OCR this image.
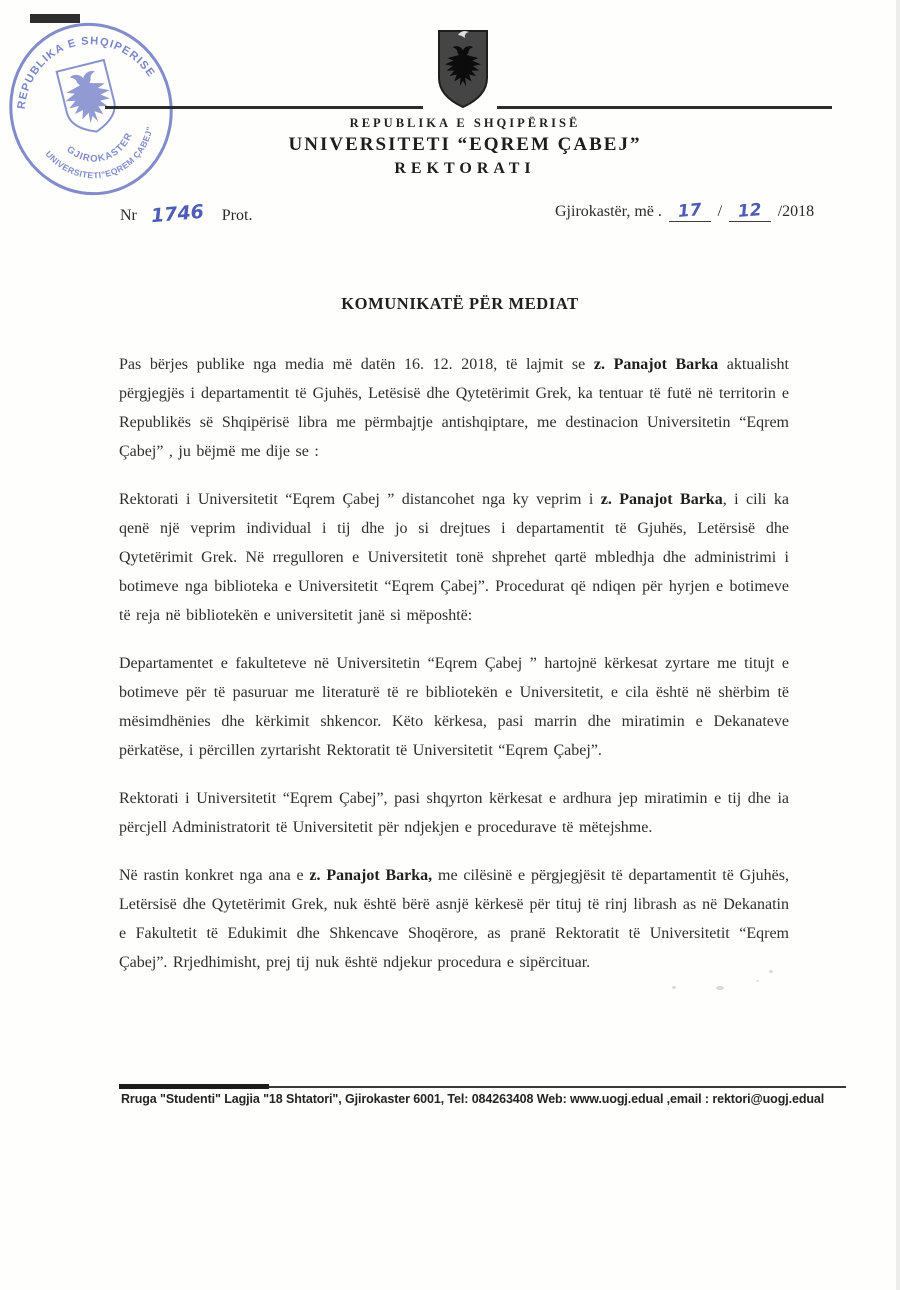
REPUBLIKA E SHQIPERISE
UNIVERSITETI"EQREM ÇABEJ"
GJIROKASTER
REPUBLIKA E SHQIPËRISË
UNIVERSITETI “EQREM ÇABEJ”
REKTORATI
Nr 1746 Prot.	Gjirokastër, më . 17 / 12 /2018
KOMUNIKATË PËR MEDIAT

Pas bërjes publike nga media më datën 16. 12. 2018, të lajmit se z. Panajot Barka aktualisht përgjegjës i departamentit të Gjuhës, Letësisë dhe Qytetërimit Grek, ka tentuar të futë në territorin e Republikës së Shqipërisë libra me përmbajtje antishqiptare, me destinacion Universitetin “Eqrem Çabej” , ju bëjmë me dije se :

Rektorati i Universitetit “Eqrem Çabej ” distancohet nga ky veprim i z. Panajot Barka, i cili ka qenë një veprim individual i tij dhe jo si drejtues i departamentit të Gjuhës, Letërsisë dhe Qytetërimit Grek. Në rregulloren e Universitetit tonë shprehet qartë mbledhja dhe administrimi i botimeve nga biblioteka e Universitetit “Eqrem Çabej”. Procedurat që ndiqen për hyrjen e botimeve të reja në bibliotekën e universitetit janë si mëposhtë:

Departamentet e fakulteteve në Universitetin “Eqrem Çabej ” hartojnë kërkesat zyrtare me titujt e botimeve për të pasuruar me literaturë të re bibliotekën e Universitetit, e cila është në shërbim të mësimdhënies dhe kërkimit shkencor. Këto kërkesa, pasi marrin dhe miratimin e Dekanateve përkatëse, i përcillen zyrtarisht Rektoratit të Universitetit “Eqrem Çabej”.

Rektorati i Universitetit “Eqrem Çabej”, pasi shqyrton kërkesat e ardhura jep miratimin e tij dhe ia përcjell Administratorit të Universitetit për ndjekjen e procedurave të mëtejshme.

Në rastin konkret nga ana e z. Panajot Barka, me cilësinë e përgjegjësit të departamentit të Gjuhës, Letërsisë dhe Qytetërimit Grek, nuk është bërë asnjë kërkesë për tituj të rinj librash as në Dekanatin e Fakultetit të Edukimit dhe Shkencave Shoqërore, as pranë Rektoratit të Universitetit “Eqrem Çabej”. Rrjedhimisht, prej tij nuk është ndjekur procedura e sipërcituar.

Rruga "Studenti" Lagjia "18 Shtatori", Gjirokaster 6001, Tel: 084263408 Web: www.uogj.edual ,email : rektori@uogj.edual
